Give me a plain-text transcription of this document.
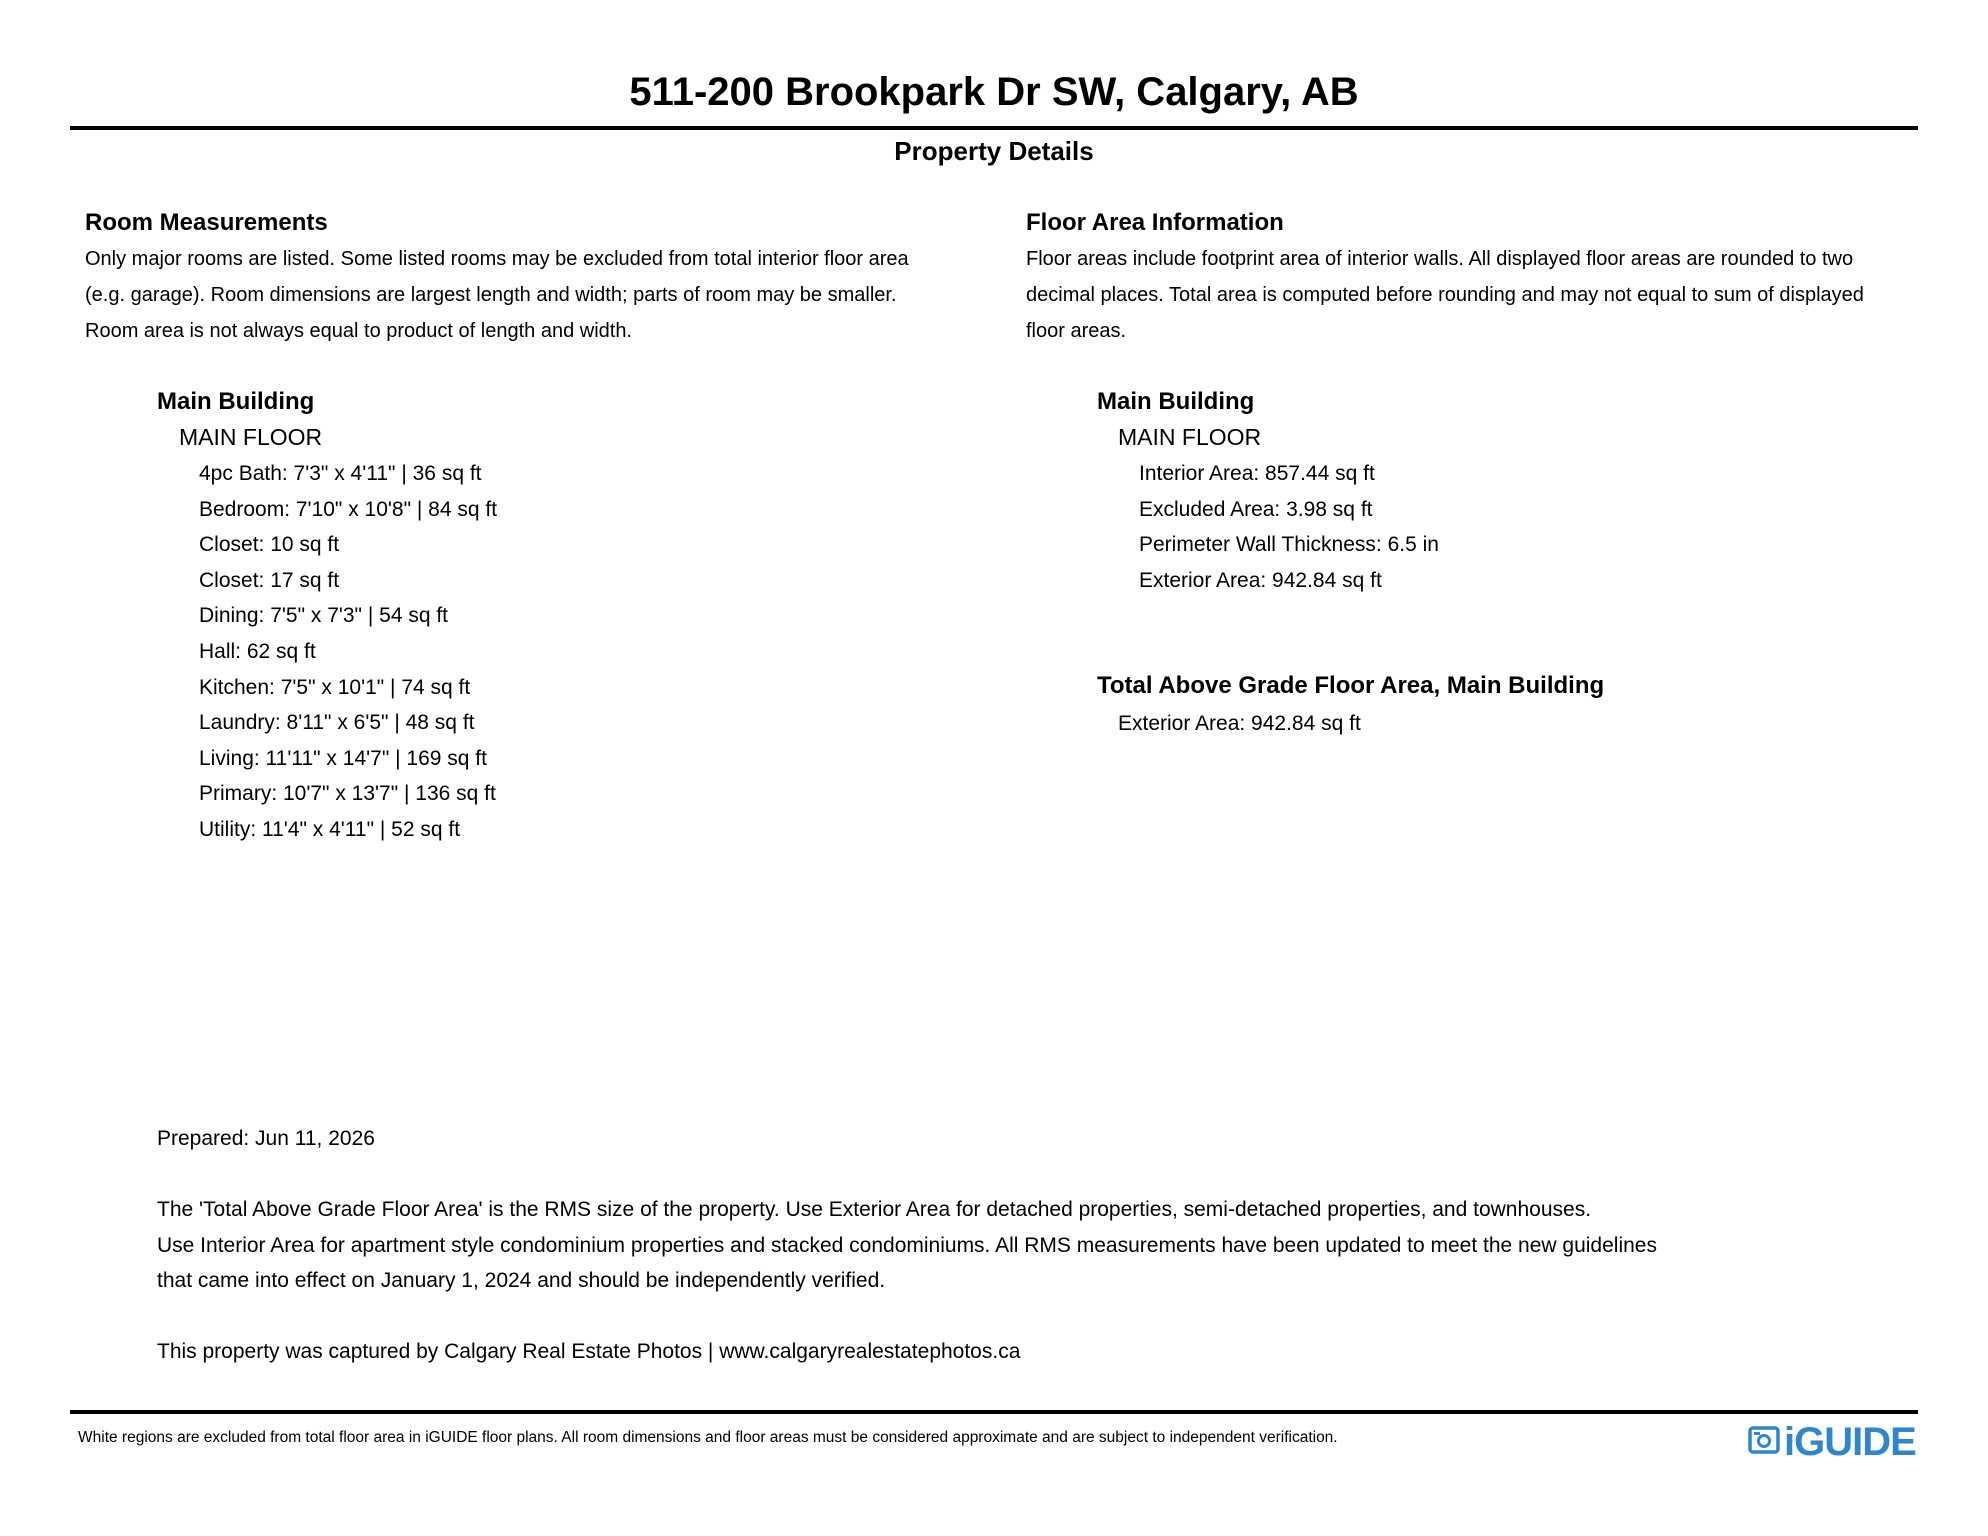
511-200 Brookpark Dr SW, Calgary, AB
Property Details
Room Measurements
Only major rooms are listed. Some listed rooms may be excluded from total interior floor area
(e.g. garage). Room dimensions are largest length and width; parts of room may be smaller.
Room area is not always equal to product of length and width.
Main Building
MAIN FLOOR
4pc Bath: 7'3" x 4'11" | 36 sq ft
Bedroom: 7'10" x 10'8" | 84 sq ft
Closet: 10 sq ft
Closet: 17 sq ft
Dining: 7'5" x 7'3" | 54 sq ft
Hall: 62 sq ft
Kitchen: 7'5" x 10'1" | 74 sq ft
Laundry: 8'11" x 6'5" | 48 sq ft
Living: 11'11" x 14'7" | 169 sq ft
Primary: 10'7" x 13'7" | 136 sq ft
Utility: 11'4" x 4'11" | 52 sq ft
Floor Area Information
Floor areas include footprint area of interior walls. All displayed floor areas are rounded to two
decimal places. Total area is computed before rounding and may not equal to sum of displayed
floor areas.
Main Building
MAIN FLOOR
Interior Area: 857.44 sq ft
Excluded Area: 3.98 sq ft
Perimeter Wall Thickness: 6.5 in
Exterior Area: 942.84 sq ft
Total Above Grade Floor Area, Main Building
Exterior Area: 942.84 sq ft
Prepared: Jun 11, 2026
The 'Total Above Grade Floor Area' is the RMS size of the property. Use Exterior Area for detached properties, semi-detached properties, and townhouses.
Use Interior Area for apartment style condominium properties and stacked condominiums. All RMS measurements have been updated to meet the new guidelines
that came into effect on January 1, 2024 and should be independently verified.
This property was captured by Calgary Real Estate Photos | www.calgaryrealestatephotos.ca
White regions are excluded from total floor area in iGUIDE floor plans. All room dimensions and floor areas must be considered approximate and are subject to independent verification.	iGUIDE
